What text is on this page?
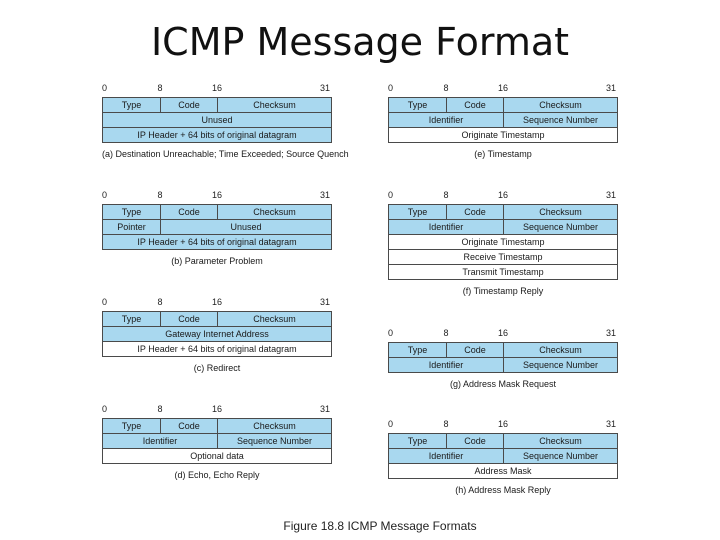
ICMP Message Format
0	8	16	31
Type	Code	Checksum
Unused
IP Header + 64 bits of original datagram
(a) Destination Unreachable; Time Exceeded; Source Quench
0	8	16	31
Type	Code	Checksum
Pointer	Unused
IP Header + 64 bits of original datagram
(b) Parameter Problem
0	8	16	31
Type	Code	Checksum
Gateway Internet Address
IP Header + 64 bits of original datagram
(c) Redirect
0	8	16	31
Type	Code	Checksum
Identifier	Sequence Number
Optional data
(d) Echo, Echo Reply
0	8	16	31
Type	Code	Checksum
Identifier	Sequence Number
Originate Timestamp
(e) Timestamp
0	8	16	31
Type	Code	Checksum
Identifier	Sequence Number
Originate Timestamp
Receive Timestamp
Transmit Timestamp
(f) Timestamp Reply
0	8	16	31
Type	Code	Checksum
Identifier	Sequence Number
(g) Address Mask Request
0	8	16	31
Type	Code	Checksum
Identifier	Sequence Number
Address Mask
(h) Address Mask Reply
Figure 18.8 ICMP Message Formats
